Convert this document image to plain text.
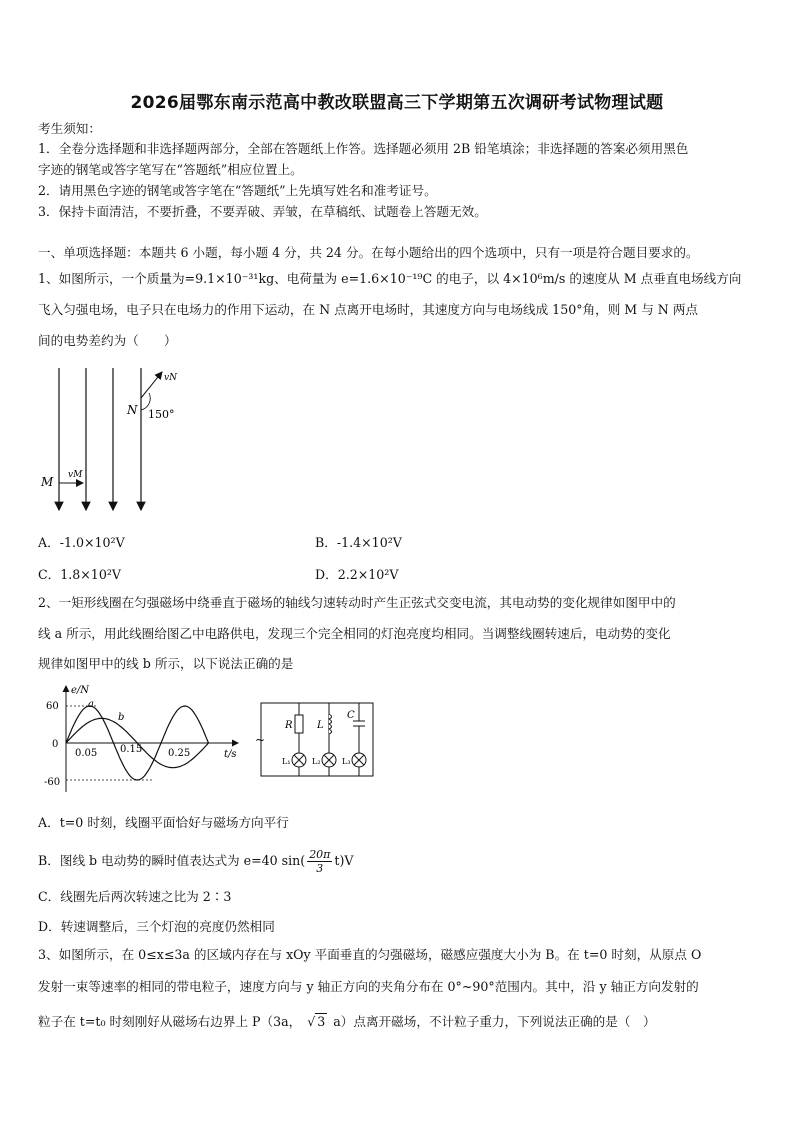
2026届鄂东南示范高中教改联盟高三下学期第五次调研考试物理试题
考生须知：
1．全卷分选择题和非选择题两部分，全部在答题纸上作答。选择题必须用 2B 铅笔填涂；非选择题的答案必须用黑色
字迹的钢笔或答字笔写在“答题纸”相应位置上。
2．请用黑色字迹的钢笔或答字笔在“答题纸”上先填写姓名和准考证号。
3．保持卡面清洁，不要折叠，不要弄破、弄皱，在草稿纸、试题卷上答题无效。
一、单项选择题：本题共 6 小题，每小题 4 分，共 24 分。在每小题给出的四个选项中，只有一项是符合题目要求的。
1、如图所示，一个质量为=9.1×10⁻³¹kg、电荷量为 e=1.6×10⁻¹⁹C 的电子，以 4×10⁶m/s 的速度从 M 点垂直电场线方向
飞入匀强电场，电子只在电场力的作用下运动，在 N 点离开电场时，其速度方向与电场线成 150°角，则 M 与 N 两点
间的电势差约为（　　）
M vM
N
vN
150°
A．-1.0×10²V	B．-1.4×10²V
C．1.8×10²V	D．2.2×10²V
2、一矩形线圈在匀强磁场中绕垂直于磁场的轴线匀速转动时产生正弦式交变电流，其电动势的变化规律如图甲中的
线 a 所示，用此线圈给图乙中电路供电，发现三个完全相同的灯泡亮度均相同。当调整线圈转速后，电动势的变化
规律如图甲中的线 b 所示，以下说法正确的是
e/N
t/s
60
0
-60
0.05 0.15	0.25
a
b
~
R L
C
L₁	L₂	L₃
A．t=0 时刻，线圈平面恰好与磁场方向平行
B．图线 b 电动势的瞬时值表达式为 e=40 $\sin( \frac{20\pi}{3} t)V$
C．线圈先后两次转速之比为 2∶3
D．转速调整后，三个灯泡的亮度仍然相同
3、如图所示，在 0≤x≤3a 的区域内存在与 xOy 平面垂直的匀强磁场，磁感应强度大小为 B。在 t=0 时刻，从原点 O
发射一束等速率的相同的带电粒子，速度方向与 y 轴正方向的夹角分布在 0°~90°范围内。其中，沿 y 轴正方向发射的
粒子在 t=t₀ 时刻刚好从磁场右边界上 P（3a， √ 3 a）点离开磁场，不计粒子重力，下列说法正确的是（　）
